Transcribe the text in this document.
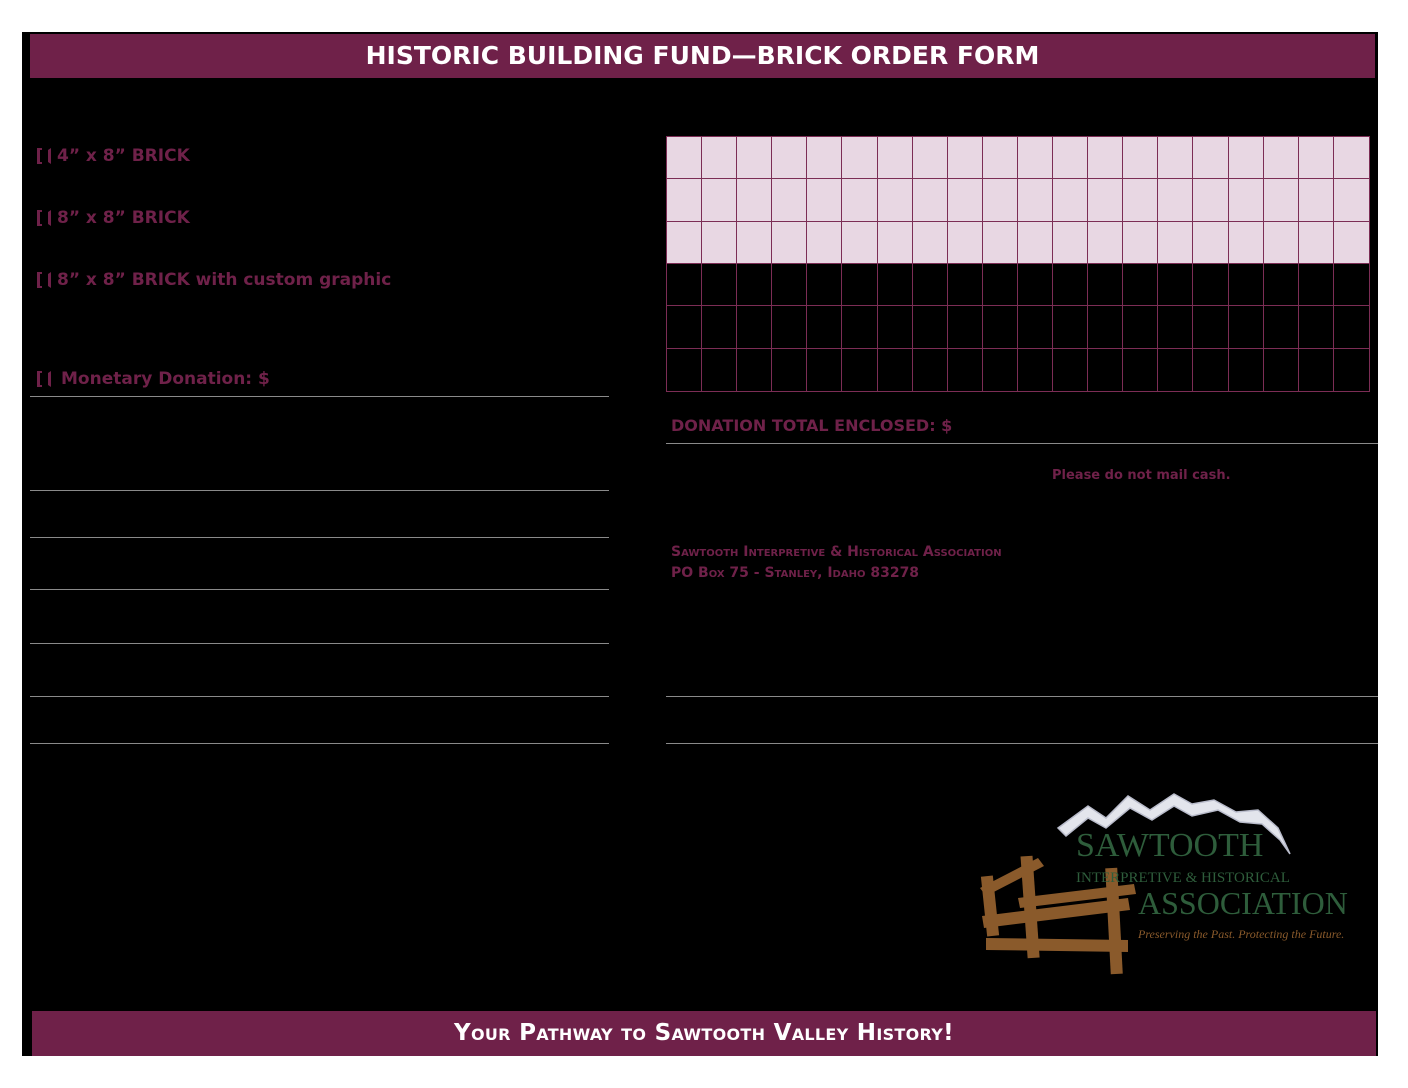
HISTORIC BUILDING FUND—BRICK ORDER FORM
4” x 8” BRICK
8” x 8” BRICK
8” x 8” BRICK with custom graphic
Monetary Donation: $
DONATION TOTAL ENCLOSED: $
Please do not mail cash.
Sawtooth Interpretive & Historical Association
PO Box 75 - Stanley, Idaho 83278
SAWTOOTH
INTERPRETIVE & HISTORICAL
ASSOCIATION
Preserving the Past. Protecting the Future.
Your Pathway to Sawtooth Valley History!
